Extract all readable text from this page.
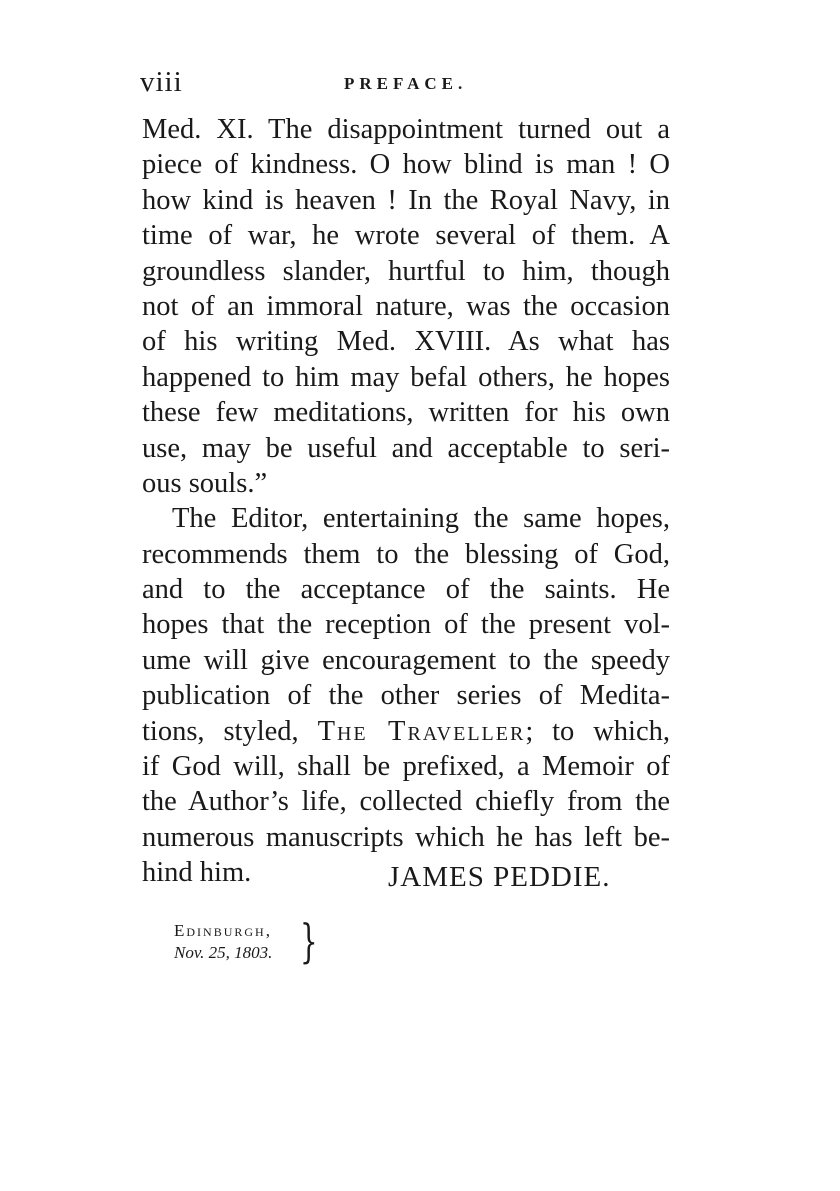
viii	PREFACE.
Med. XI. The disappointment turned out a
piece of kindness. O how blind is man ! O
how kind is heaven ! In the Royal Navy, in
time of war, he wrote several of them. A
groundless slander, hurtful to him, though
not of an immoral nature, was the occasion
of his writing Med. XVIII. As what has
happened to him may befal others, he hopes
these few meditations, written for his own
use, may be useful and acceptable to seri-
ous souls.”
The Editor, entertaining the same hopes,
recommends them to the blessing of God,
and to the acceptance of the saints. He
hopes that the reception of the present vol-
ume will give encouragement to the speedy
publication of the other series of Medita-
tions, styled, The Traveller; to which,
if God will, shall be prefixed, a Memoir of
the Author’s life, collected chiefly from the
numerous manuscripts which he has left be-
hind him.	JAMES PEDDIE.
Edinburgh,
Nov. 25, 1803. }
